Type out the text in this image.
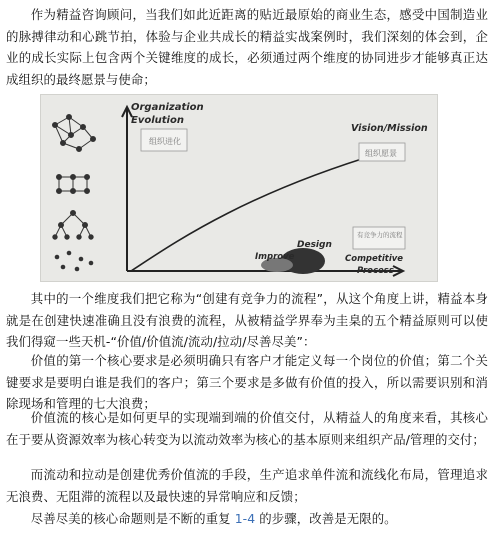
作为精益咨询顾问，当我们如此近距离的贴近最原始的商业生态，感受中国制造业的脉搏律动和心跳节拍，体验与企业共成长的精益实战案例时，我们深刻的体会到，企业的成长实际上包含两个关键维度的成长，必须通过两个维度的协同进步才能够真正达成组织的最终愿景与使命；

组织进化
组织愿景
有竞争力的流程
Organization
Evolution
Vision/Mission
Design
Improve	Competitive
Process

其中的一个维度我们把它称为“创建有竞争力的流程”，从这个角度上讲，精益本身就是在创建快速准确且没有浪费的流程，从被精益学界奉为圭臬的五个精益原则可以使我们得窥一些天机-“价值/价值流/流动/拉动/尽善尽美”：

价值的第一个核心要求是必须明确只有客户才能定义每一个岗位的价值；第二个关键要求是要明白谁是我们的客户；第三个要求是多做有价值的投入，所以需要识别和消除现场和管理的七大浪费；

价值流的核心是如何更早的实现端到端的价值交付，从精益人的角度来看，其核心在于要从资源效率为核心转变为以流动效率为核心的基本原则来组织产品/管理的交付；

而流动和拉动是创建优秀价值流的手段，生产追求单件流和流线化布局，管理追求无浪费、无阻滞的流程以及最快速的异常响应和反馈；

尽善尽美的核心命题则是不断的重复 1-4 的步骤，改善是无限的。
